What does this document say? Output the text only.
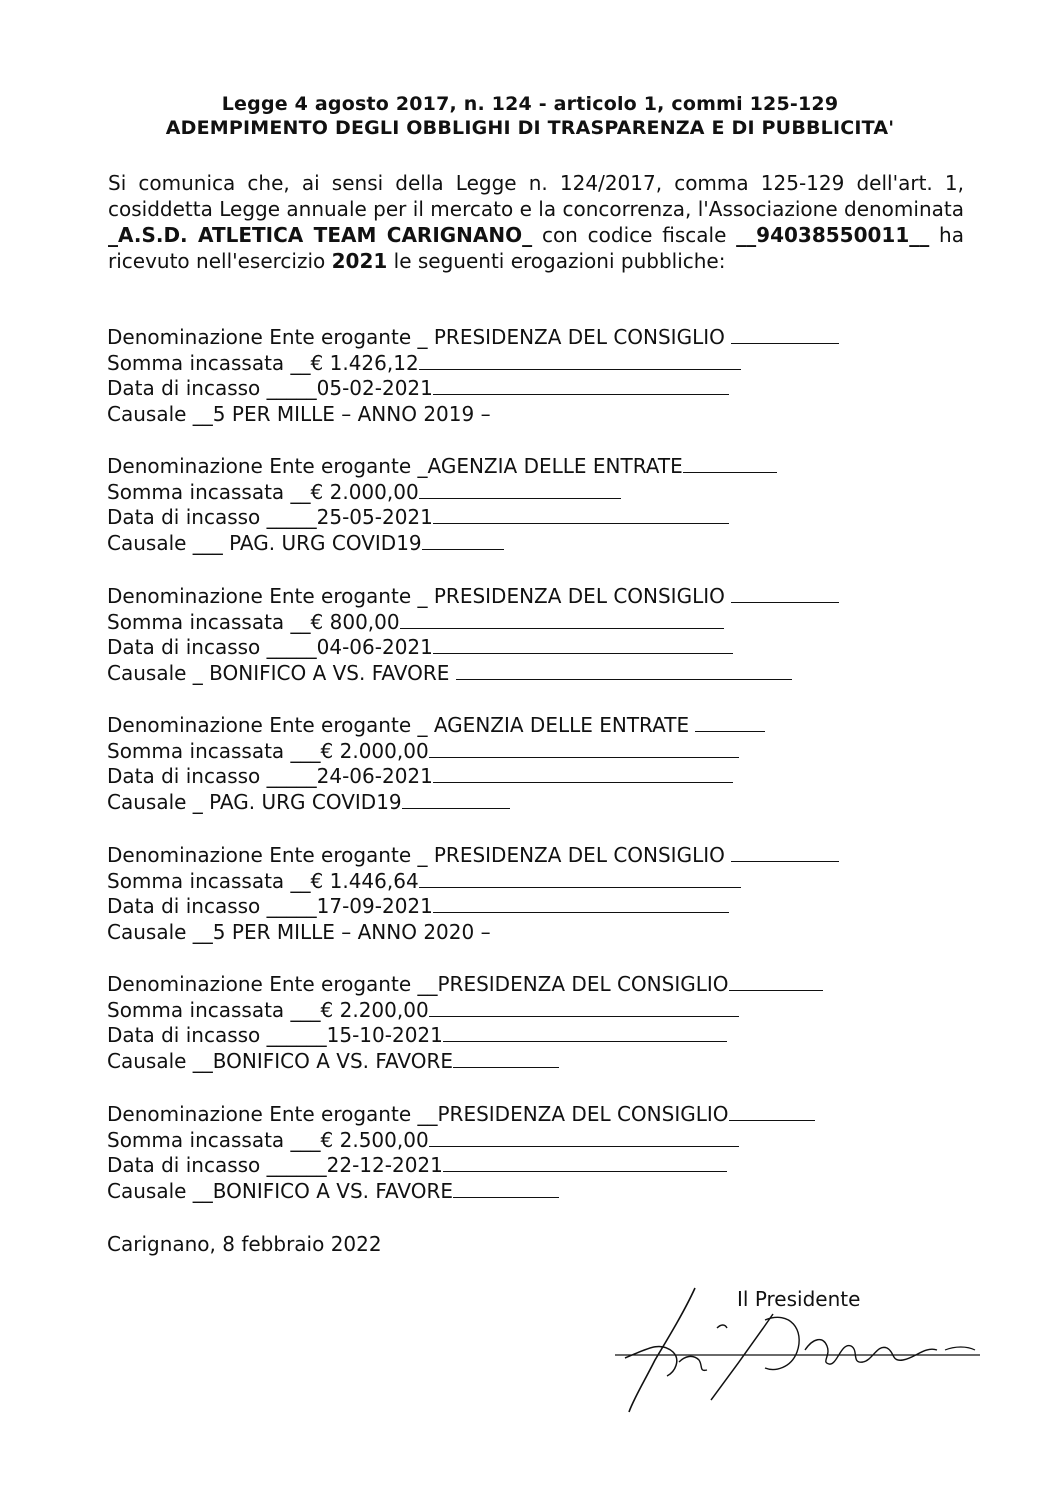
Legge 4 agosto 2017, n. 124 - articolo 1, commi 125-129
ADEMPIMENTO DEGLI OBBLIGHI DI TRASPARENZA E DI PUBBLICITA'
Si comunica che, ai sensi della Legge n. 124/2017, comma 125-129 dell'art. 1, cosiddetta Legge annuale per il mercato e la concorrenza, l'Associazione denominata _A.S.D. ATLETICA TEAM CARIGNANO_ con codice fiscale __94038550011__ ha ricevuto nell'esercizio 2021 le seguenti erogazioni pubbliche:
Denominazione Ente erogante _ PRESIDENZA DEL CONSIGLIO
Somma incassata __€ 1.426,12
Data di incasso _____05-02-2021
Causale __5 PER MILLE – ANNO 2019 –
Denominazione Ente erogante _AGENZIA DELLE ENTRATE
Somma incassata __€ 2.000,00
Data di incasso _____25-05-2021
Causale ___ PAG. URG COVID19
Denominazione Ente erogante _ PRESIDENZA DEL CONSIGLIO
Somma incassata __€ 800,00
Data di incasso _____04-06-2021
Causale _ BONIFICO A VS. FAVORE
Denominazione Ente erogante _ AGENZIA DELLE ENTRATE
Somma incassata ___€ 2.000,00
Data di incasso _____24-06-2021
Causale _ PAG. URG COVID19
Denominazione Ente erogante _ PRESIDENZA DEL CONSIGLIO
Somma incassata __€ 1.446,64
Data di incasso _____17-09-2021
Causale __5 PER MILLE – ANNO 2020 –
Denominazione Ente erogante __PRESIDENZA DEL CONSIGLIO
Somma incassata ___€ 2.200,00
Data di incasso ______15-10-2021
Causale __BONIFICO A VS. FAVORE
Denominazione Ente erogante __PRESIDENZA DEL CONSIGLIO
Somma incassata ___€ 2.500,00
Data di incasso ______22-12-2021
Causale __BONIFICO A VS. FAVORE
Carignano, 8 febbraio 2022
Il Presidente
